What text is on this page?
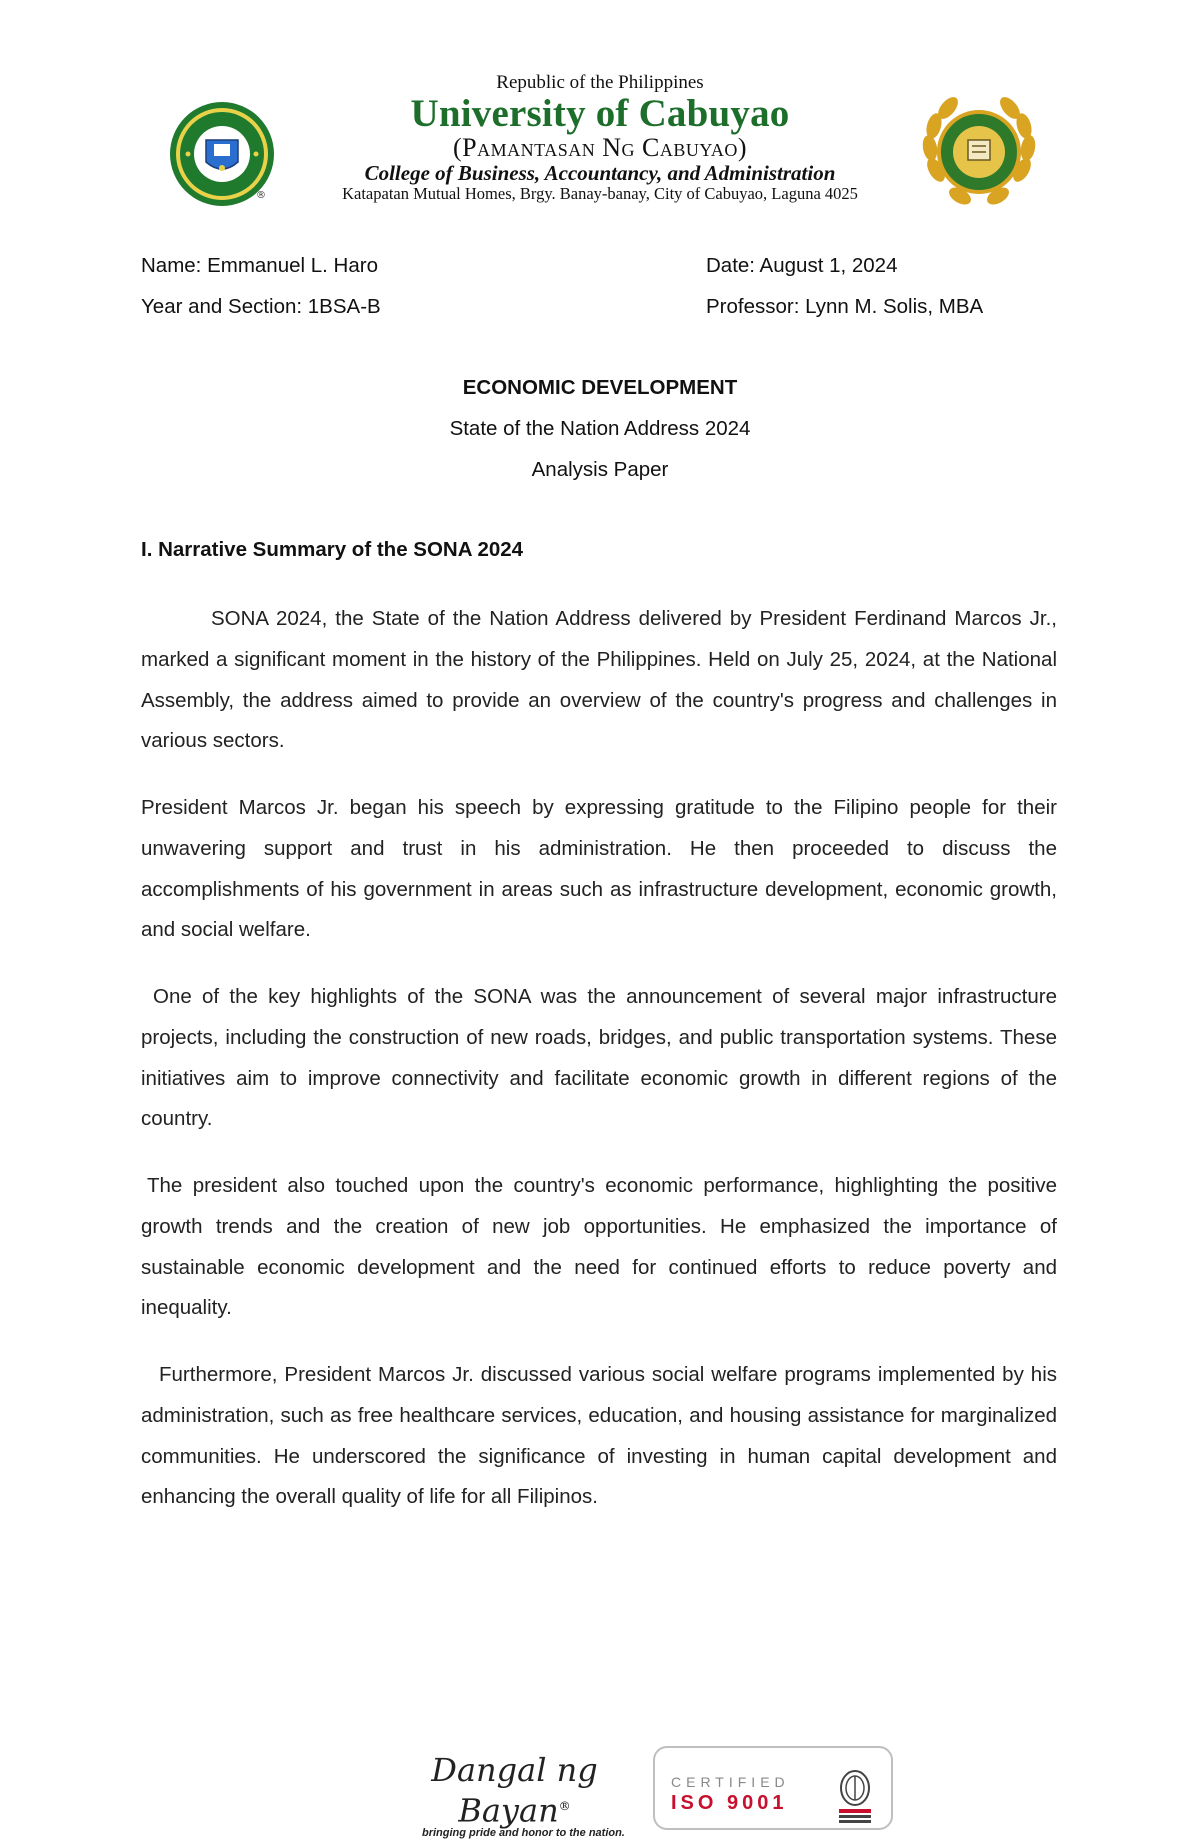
®
Republic of the Philippines
University of Cabuyao
(Pamantasan Ng Cabuyao)
College of Business, Accountancy, and Administration
Katapatan Mutual Homes, Brgy. Banay-banay, City of Cabuyao, Laguna 4025
Name: Emmanuel L. Haro
Year and Section: 1BSA-B
Date: August 1, 2024
Professor: Lynn M. Solis, MBA
ECONOMIC DEVELOPMENT
State of the Nation Address 2024
Analysis Paper
I. Narrative Summary of the SONA 2024

SONA 2024, the State of the Nation Address delivered by President Ferdinand Marcos Jr., marked a significant moment in the history of the Philippines. Held on July 25, 2024, at the National Assembly, the address aimed to provide an overview of the country's progress and challenges in various sectors.

President Marcos Jr. began his speech by expressing gratitude to the Filipino people for their unwavering support and trust in his administration. He then proceeded to discuss the accomplishments of his government in areas such as infrastructure development, economic growth, and social welfare.

One of the key highlights of the SONA was the announcement of several major infrastructure projects, including the construction of new roads, bridges, and public transportation systems. These initiatives aim to improve connectivity and facilitate economic growth in different regions of the country.

The president also touched upon the country's economic performance, highlighting the positive growth trends and the creation of new job opportunities. He emphasized the importance of sustainable economic development and the need for continued efforts to reduce poverty and inequality.

Furthermore, President Marcos Jr. discussed various social welfare programs implemented by his administration, such as free healthcare services, education, and housing assistance for marginalized communities. He underscored the significance of investing in human capital development and enhancing the overall quality of life for all Filipinos.

Dangal ng Bayan®
bringing pride and honor to the nation.
CERTIFIED
ISO 9001
